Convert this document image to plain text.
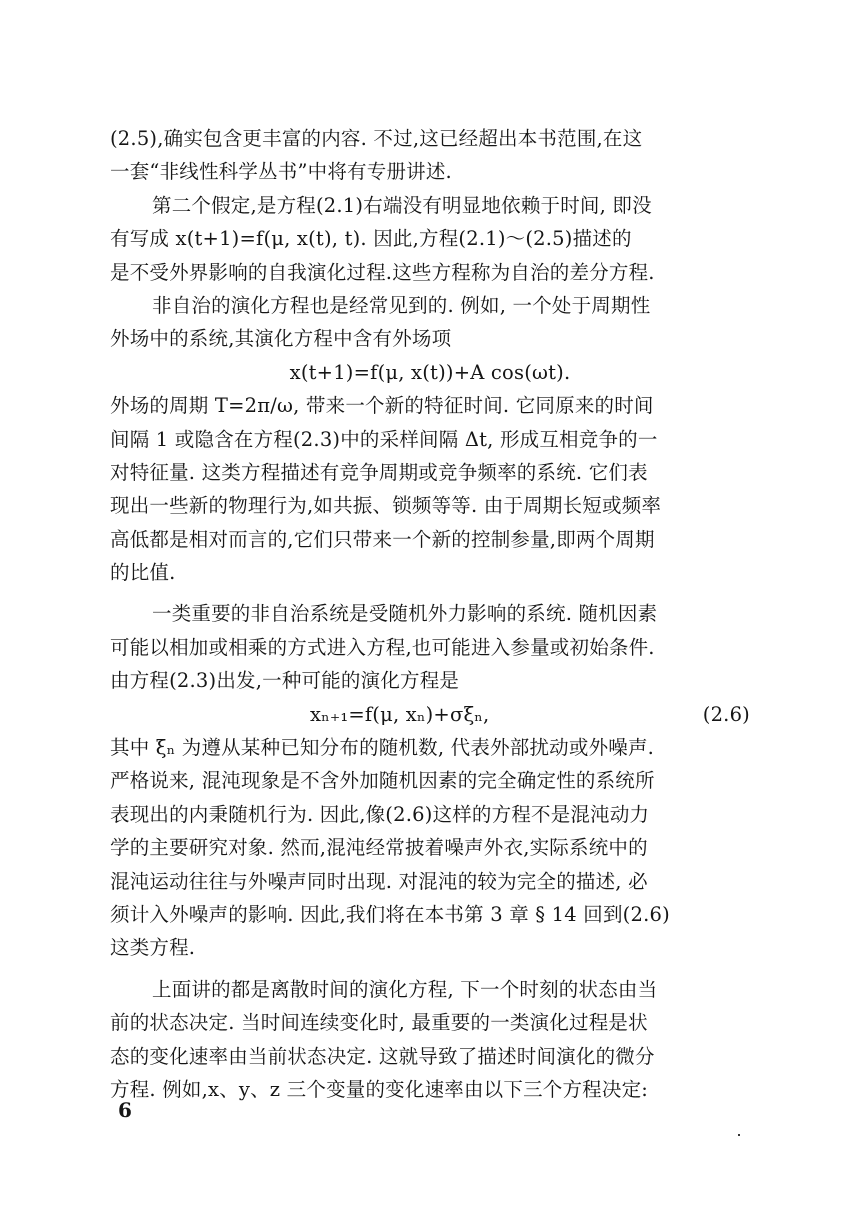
(2.5),确实包含更丰富的内容. 不过,这已经超出本书范围,在这
一套“非线性科学丛书”中将有专册讲述.
第二个假定,是方程(2.1)右端没有明显地依赖于时间, 即没
有写成 x(t+1)=f(μ, x(t), t). 因此,方程(2.1)～(2.5)描述的
是不受外界影响的自我演化过程.这些方程称为自治的差分方程.
非自治的演化方程也是经常见到的. 例如, 一个处于周期性
外场中的系统,其演化方程中含有外场项
x(t+1)=f(μ, x(t))+A cos(ωt).
外场的周期 T=2π/ω, 带来一个新的特征时间. 它同原来的时间
间隔 1 或隐含在方程(2.3)中的采样间隔 Δt, 形成互相竞争的一
对特征量. 这类方程描述有竞争周期或竞争频率的系统. 它们表
现出一些新的物理行为,如共振、锁频等等. 由于周期长短或频率
高低都是相对而言的,它们只带来一个新的控制参量,即两个周期
的比值.
一类重要的非自治系统是受随机外力影响的系统. 随机因素
可能以相加或相乘的方式进入方程,也可能进入参量或初始条件.
由方程(2.3)出发,一种可能的演化方程是
xₙ₊₁=f(μ, xₙ)+σξₙ,	(2.6)
其中 ξₙ 为遵从某种已知分布的随机数, 代表外部扰动或外噪声.
严格说来, 混沌现象是不含外加随机因素的完全确定性的系统所
表现出的内秉随机行为. 因此,像(2.6)这样的方程不是混沌动力
学的主要研究对象. 然而,混沌经常披着噪声外衣,实际系统中的
混沌运动往往与外噪声同时出现. 对混沌的较为完全的描述, 必
须计入外噪声的影响. 因此,我们将在本书第 3 章 § 14 回到(2.6)
这类方程.
上面讲的都是离散时间的演化方程, 下一个时刻的状态由当
前的状态决定. 当时间连续变化时, 最重要的一类演化过程是状
态的变化速率由当前状态决定. 这就导致了描述时间演化的微分
方程. 例如,x、y、z 三个变量的变化速率由以下三个方程决定:
6
